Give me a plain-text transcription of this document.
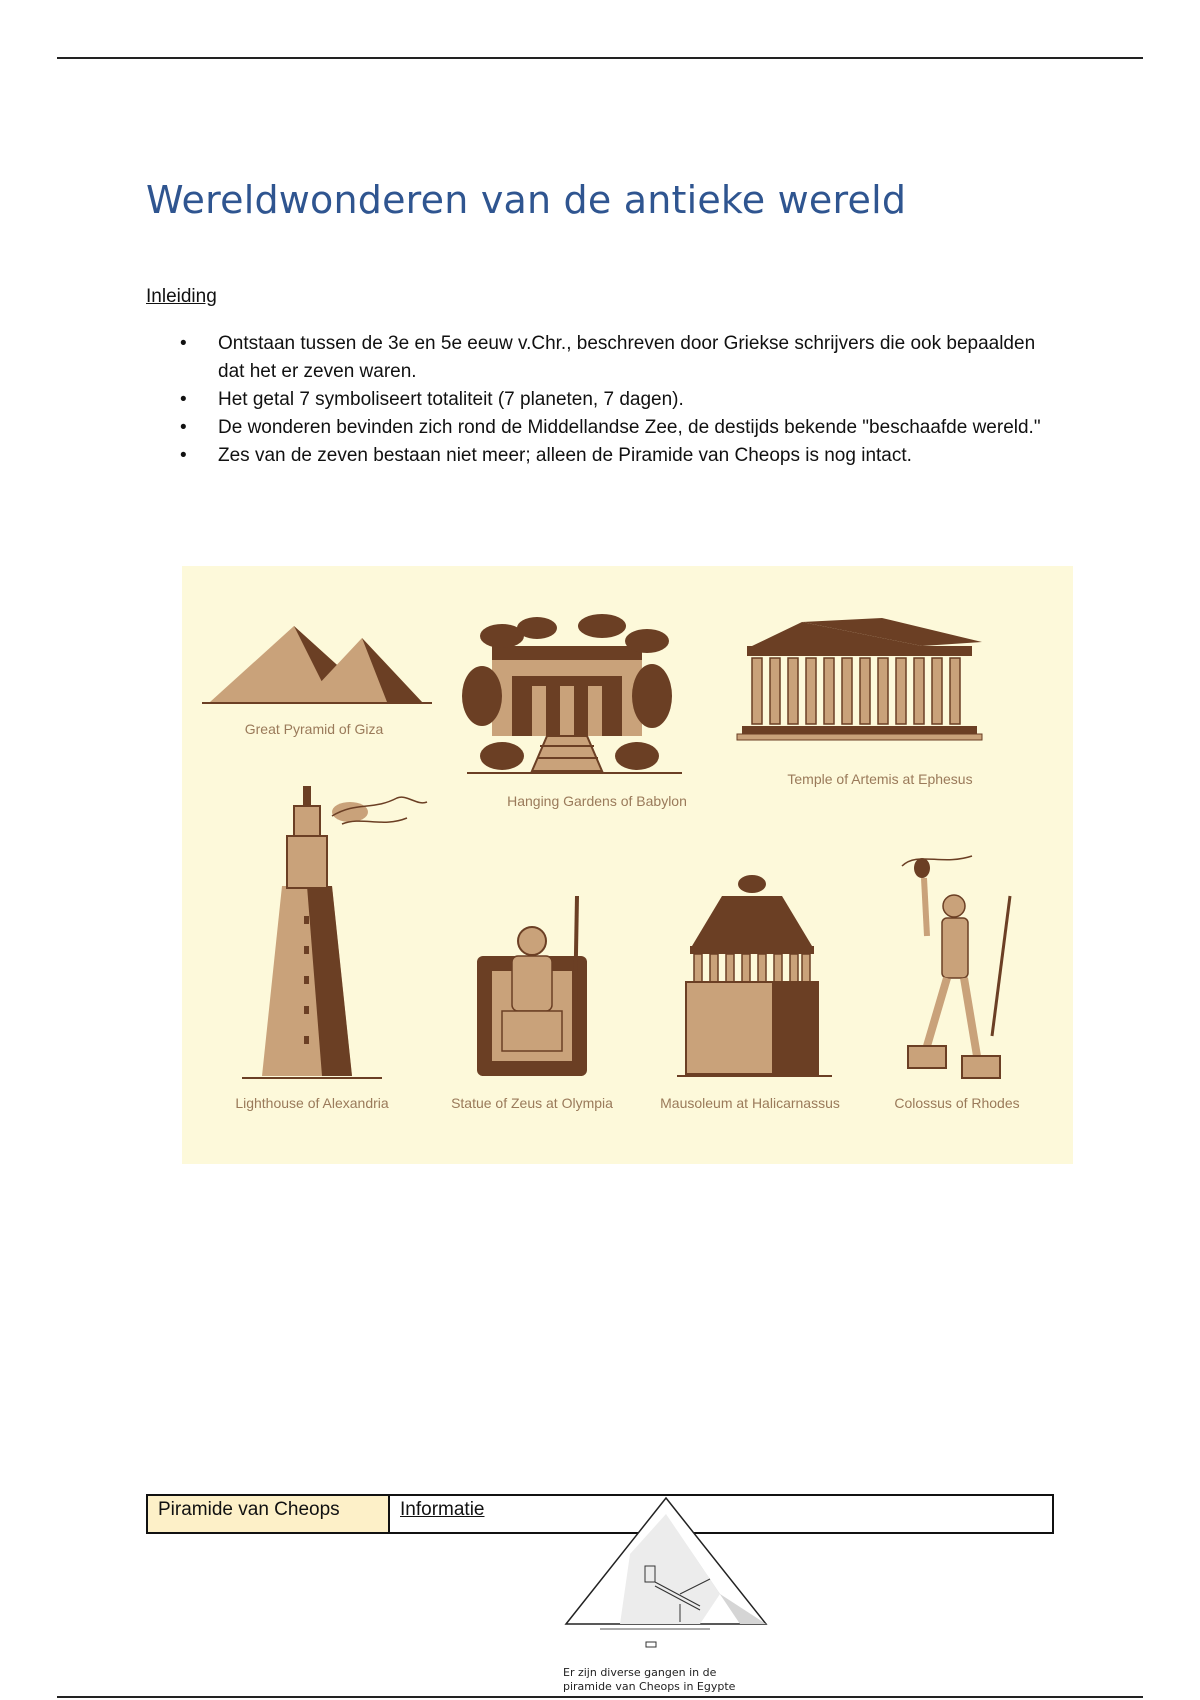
Wereldwonderen van de antieke wereld
Inleiding
• Ontstaan tussen de 3e en 5e eeuw v.Chr., beschreven door Griekse schrijvers die ook bepaalden dat het er zeven waren.
• Het getal 7 symboliseert totaliteit (7 planeten, 7 dagen).
• De wonderen bevinden zich rond de Middellandse Zee, de destijds bekende "beschaafde wereld."
• Zes van de zeven bestaan niet meer; alleen de Piramide van Cheops is nog intact.
Great Pyramid of Giza
Hanging Gardens of Babylon
Temple of Artemis at Ephesus
Lighthouse of Alexandria	Statue of Zeus at Olympia	Mausoleum at Halicarnassus	Colossus of Rhodes
Piramide van Cheops	Informatie
Er zijn diverse gangen in de
piramide van Cheops in Egypte
